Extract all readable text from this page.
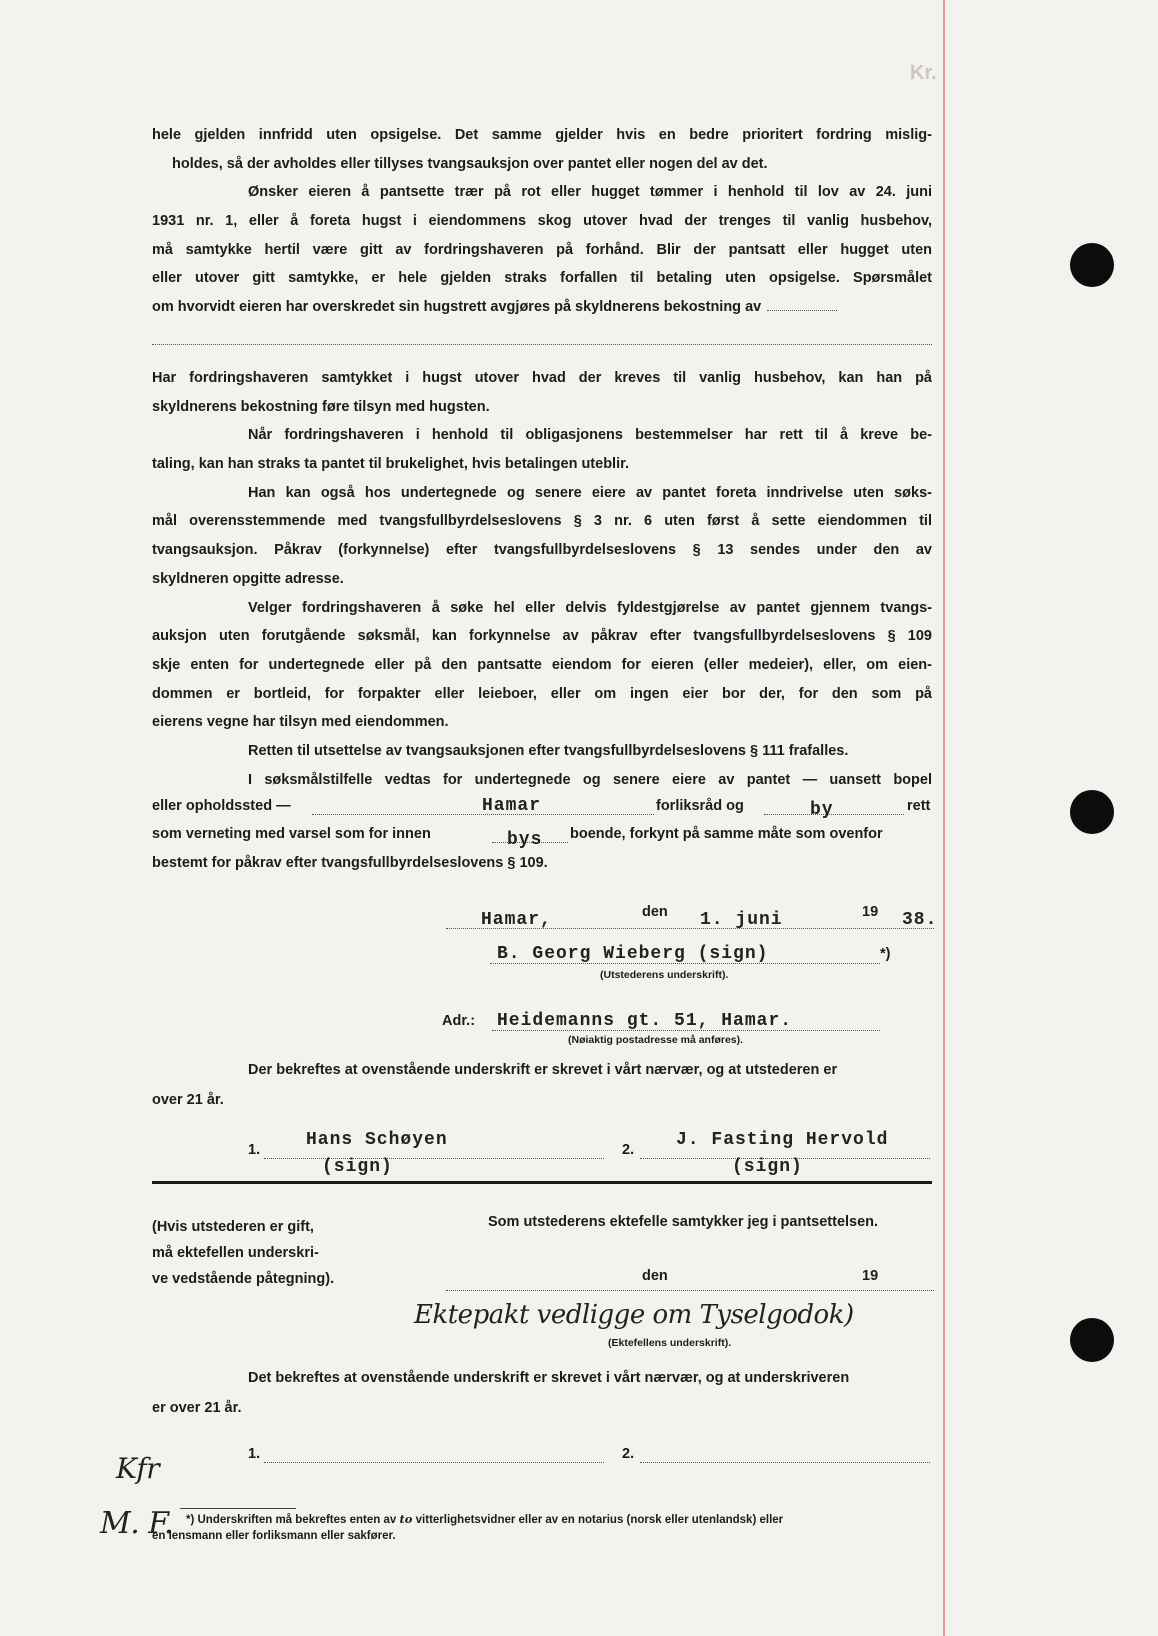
Kr.
hele gjelden innfridd uten opsigelse. Det samme gjelder hvis en bedre prioritert fordring mislig-
holdes, så der avholdes eller tillyses tvangsauksjon over pantet eller nogen del av det.
Ønsker eieren å pantsette trær på rot eller hugget tømmer i henhold til lov av 24. juni
1931 nr. 1, eller å foreta hugst i eiendommens skog utover hvad der trenges til vanlig husbehov,
må samtykke hertil være gitt av fordringshaveren på forhånd. Blir der pantsatt eller hugget uten
eller utover gitt samtykke, er hele gjelden straks forfallen til betaling uten opsigelse. Spørsmålet
om hvorvidt eieren har overskredet sin hugstrett avgjøres på skyldnerens bekostning av
Har fordringshaveren samtykket i hugst utover hvad der kreves til vanlig husbehov, kan han på
skyldnerens bekostning føre tilsyn med hugsten.
Når fordringshaveren i henhold til obligasjonens bestemmelser har rett til å kreve be-
taling, kan han straks ta pantet til brukelighet, hvis betalingen uteblir.
Han kan også hos undertegnede og senere eiere av pantet foreta inndrivelse uten søks-
mål overensstemmende med tvangsfullbyrdelseslovens § 3 nr. 6 uten først å sette eiendommen til
tvangsauksjon. Påkrav (forkynnelse) efter tvangsfullbyrdelseslovens § 13 sendes under den av
skyldneren opgitte adresse.
Velger fordringshaveren å søke hel eller delvis fyldestgjørelse av pantet gjennem tvangs-
auksjon uten forutgående søksmål, kan forkynnelse av påkrav efter tvangsfullbyrdelseslovens § 109
skje enten for undertegnede eller på den pantsatte eiendom for eieren (eller medeier), eller, om eien-
dommen er bortleid, for forpakter eller leieboer, eller om ingen eier bor der, for den som på
eierens vegne har tilsyn med eiendommen.
Retten til utsettelse av tvangsauksjonen efter tvangsfullbyrdelseslovens § 111 frafalles.
I søksmålstilfelle vedtas for undertegnede og senere eiere av pantet — uansett bopel
eller opholdssted —	Hamar	forliksråd og	by	rett
som verneting med varsel som for innen	bys boende, forkynt på samme måte som ovenfor
bestemt for påkrav efter tvangsfullbyrdelseslovens § 109.
Hamar,	den 1. juni	19 38.
B. Georg Wieberg (sign)	*)
(Utstederens underskrift).
Adr.: Heidemanns gt. 51, Hamar.
(Nøiaktig postadresse må anføres).
Der bekreftes at ovenstående underskrift er skrevet i vårt nærvær, og at utstederen er
over 21 år.
1.	Hans Schøyen
(sign)
2. J. Fasting Hervold
(sign)
(Hvis utstederen er gift,
må ektefellen underskri-
ve vedstående påtegning).
Som utstederens ektefelle samtykker jeg i pantsettelsen.
den	19
Ektepakt vedligge om Tyselgodok)
(Ektefellens underskrift).
Det bekreftes at ovenstående underskrift er skrevet i vårt nærvær, og at underskriveren
er over 21 år.
1.	2.
Kfr
M. F. *) Underskriften må bekreftes enten av to vitterlighetsvidner eller av en notarius (norsk eller utenlandsk) eller
en lensmann eller forliksmann eller sakfører.
